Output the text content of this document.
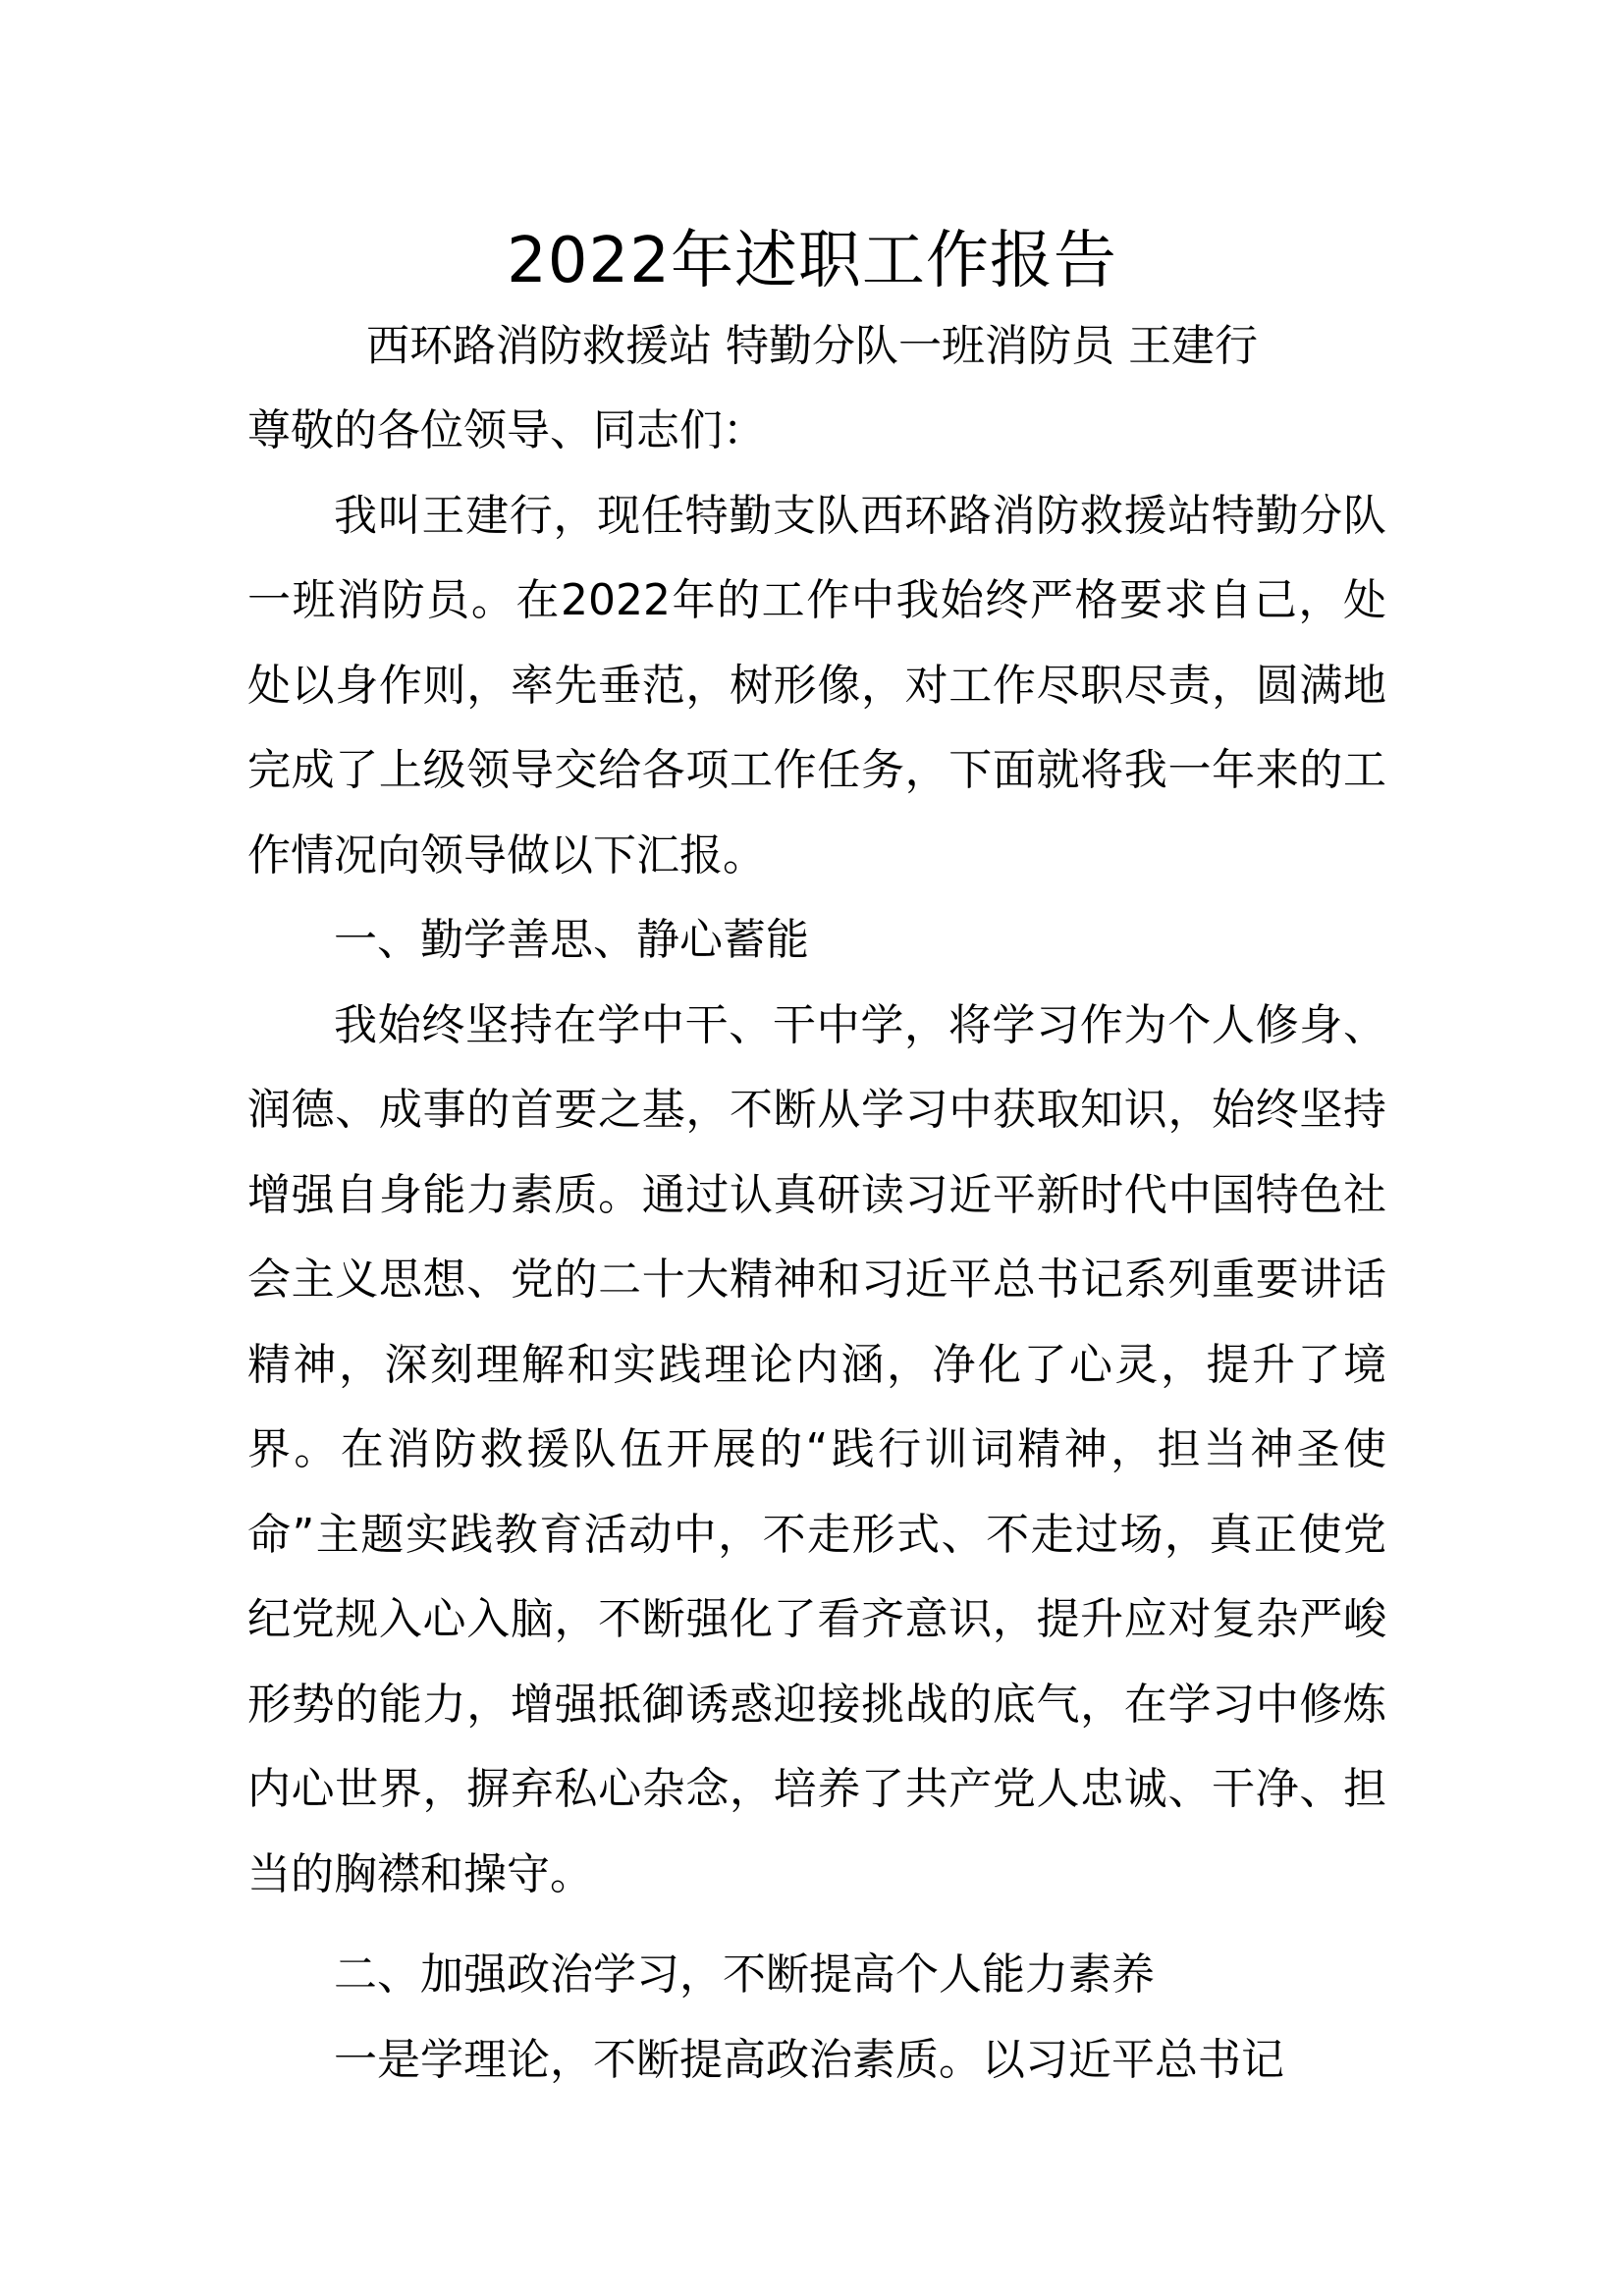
2022年述职工作报告

西环路消防救援站 特勤分队一班消防员 王建行

尊敬的各位领导、同志们：

我叫王建行，现任特勤支队西环路消防救援站特勤分队一班消防员。在2022年的工作中我始终严格要求自己，处处以身作则，率先垂范，树形像，对工作尽职尽责，圆满地完成了上级领导交给各项工作任务，下面就将我一年来的工作情况向领导做以下汇报。

一、勤学善思、静心蓄能

我始终坚持在学中干、干中学，将学习作为个人修身、润德、成事的首要之基，不断从学习中获取知识，始终坚持增强自身能力素质。通过认真研读习近平新时代中国特色社会主义思想、党的二十大精神和习近平总书记系列重要讲话精神，深刻理解和实践理论内涵，净化了心灵，提升了境界。在消防救援队伍开展的“践行训词精神，担当神圣使命”主题实践教育活动中，不走形式、不走过场，真正使党纪党规入心入脑，不断强化了看齐意识，提升应对复杂严峻形势的能力，增强抵御诱惑迎接挑战的底气，在学习中修炼内心世界，摒弃私心杂念，培养了共产党人忠诚、干净、担当的胸襟和操守。

二、加强政治学习，不断提高个人能力素养

一是学理论，不断提高政治素质。以习近平总书记
